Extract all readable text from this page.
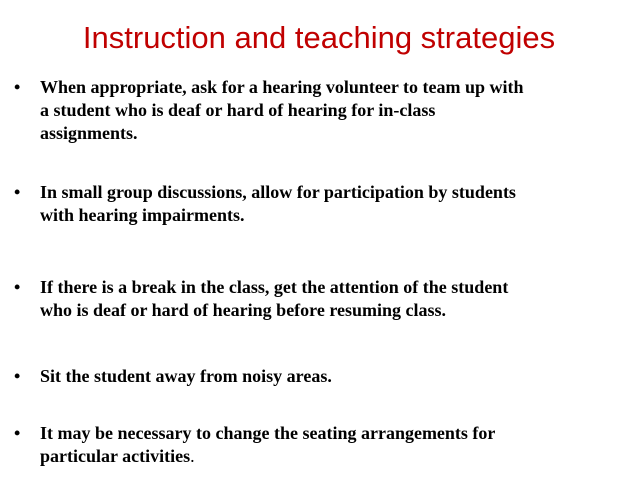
Instruction and teaching strategies
• When appropriate, ask for a hearing volunteer to team up with
a student who is deaf or hard of hearing for in-class
assignments.
• In small group discussions, allow for participation by students
with hearing impairments.
• If there is a break in the class, get the attention of the student
who is deaf or hard of hearing before resuming class.
• Sit the student away from noisy areas.
• It may be necessary to change the seating arrangements for
particular activities.
